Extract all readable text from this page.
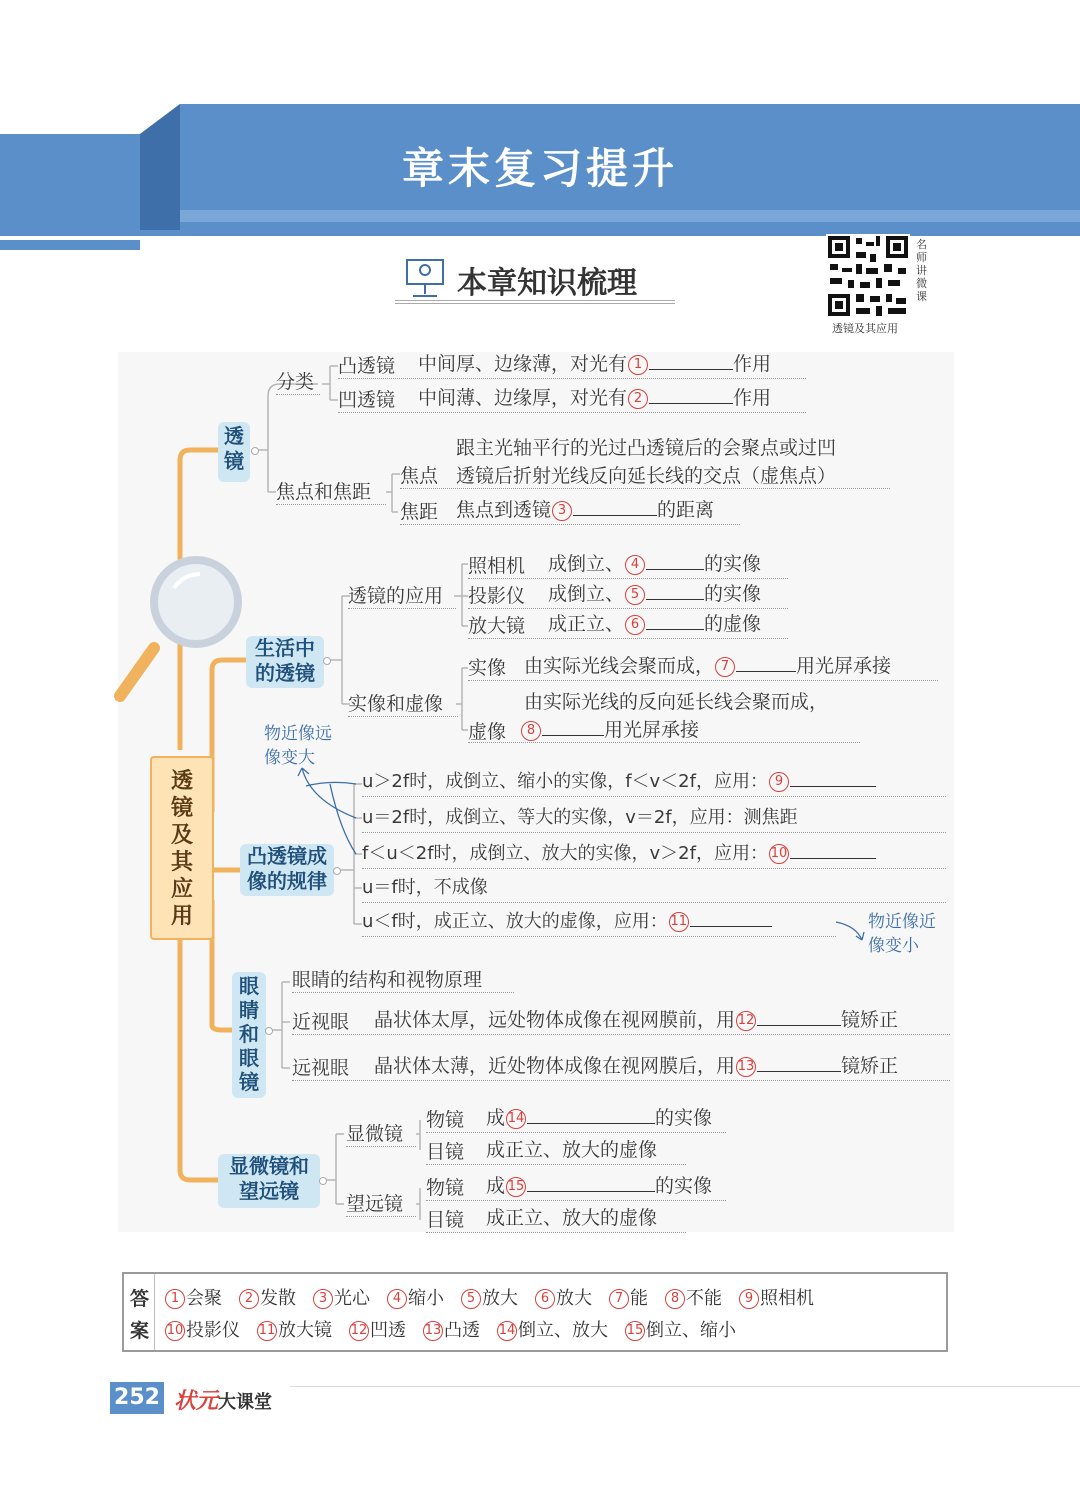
章末复习提升
本章知识梳理
名师讲微课
透镜及其应用
透镜及其应用
透镜
分类
凸透镜 中间厚、边缘薄，对光有 1	作用
凹透镜 中间薄、边缘厚，对光有 2	作用
焦点和焦距
跟主光轴平行的光过凸透镜后的会聚点或过凹
焦点 透镜后折射光线反向延长线的交点（虚焦点）
焦距 焦点到透镜 3	的距离
生活中
的透镜
透镜的应用
照相机 成倒立、 4	的实像
投影仪 成倒立、 5	的实像
放大镜 成正立、 6	的虚像
实像和虚像
实像 由实际光线会聚而成， 7	用光屏承接
由实际光线的反向延长线会聚而成，
虚像	8	用光屏承接
物近像远像变大
凸透镜成
像的规律
u＞2f时，成倒立、缩小的实像，f＜v＜2f，应用： 9
u＝2f时，成倒立、等大的实像，v＝2f，应用：测焦距
f＜u＜2f时，成倒立、放大的实像，v＞2f，应用： 10
u＝f时，不成像
u＜f时，成正立、放大的虚像，应用： 11	物近像近像变小
眼睛和眼镜
眼睛的结构和视物原理
近视眼 晶状体太厚，远处物体成像在视网膜前，用 12	镜矫正
远视眼 晶状体太薄，近处物体成像在视网膜后，用 13	镜矫正
显微镜和
望远镜
显微镜
望远镜
物镜 成 14	的实像
目镜 成正立、放大的虚像
物镜 成 15	的实像
目镜 成正立、放大的虚像
答
案
1 会聚 2 发散 3 光心 4 缩小 5 放大 6 放大 7 能 8 不能 9 照相机
10 投影仪 11 放大镜 12 凹透 13 凸透 14 倒立、放大 15 倒立、缩小
252 状元大课堂
